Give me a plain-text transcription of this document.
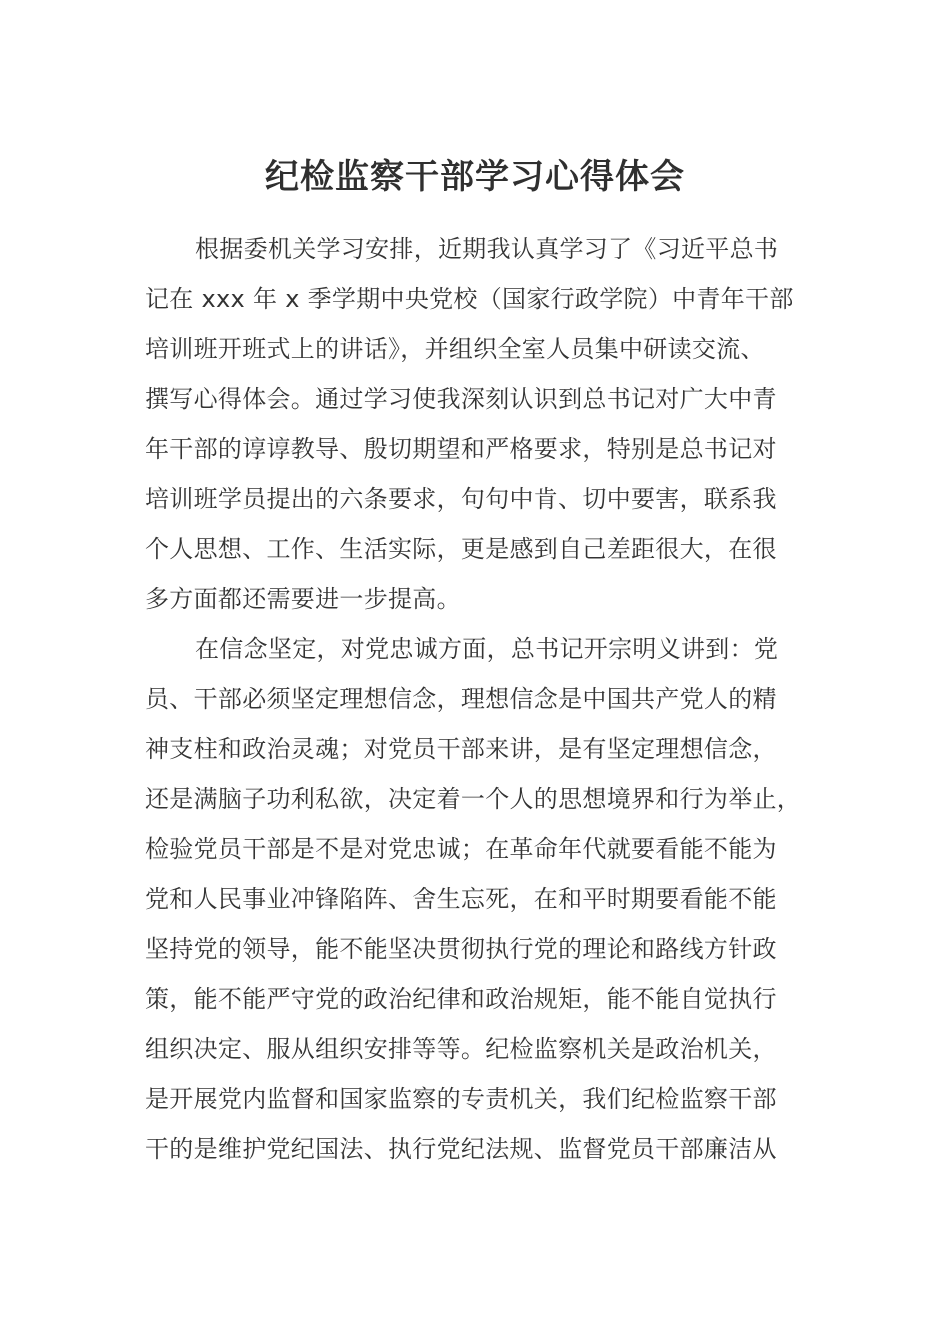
纪检监察干部学习心得体会
根据委机关学习安排，近期我认真学习了《习近平总书
记在 xxx 年 x 季学期中央党校（国家行政学院）中青年干部
培训班开班式上的讲话》，并组织全室人员集中研读交流、
撰写心得体会。通过学习使我深刻认识到总书记对广大中青
年干部的谆谆教导、殷切期望和严格要求，特别是总书记对
培训班学员提出的六条要求，句句中肯、切中要害，联系我
个人思想、工作、生活实际，更是感到自己差距很大，在很
多方面都还需要进一步提高。
在信念坚定，对党忠诚方面，总书记开宗明义讲到：党
员、干部必须坚定理想信念，理想信念是中国共产党人的精
神支柱和政治灵魂；对党员干部来讲，是有坚定理想信念，
还是满脑子功利私欲，决定着一个人的思想境界和行为举止，
检验党员干部是不是对党忠诚；在革命年代就要看能不能为
党和人民事业冲锋陷阵、舍生忘死，在和平时期要看能不能
坚持党的领导，能不能坚决贯彻执行党的理论和路线方针政
策，能不能严守党的政治纪律和政治规矩，能不能自觉执行
组织决定、服从组织安排等等。纪检监察机关是政治机关，
是开展党内监督和国家监察的专责机关，我们纪检监察干部
干的是维护党纪国法、执行党纪法规、监督党员干部廉洁从
